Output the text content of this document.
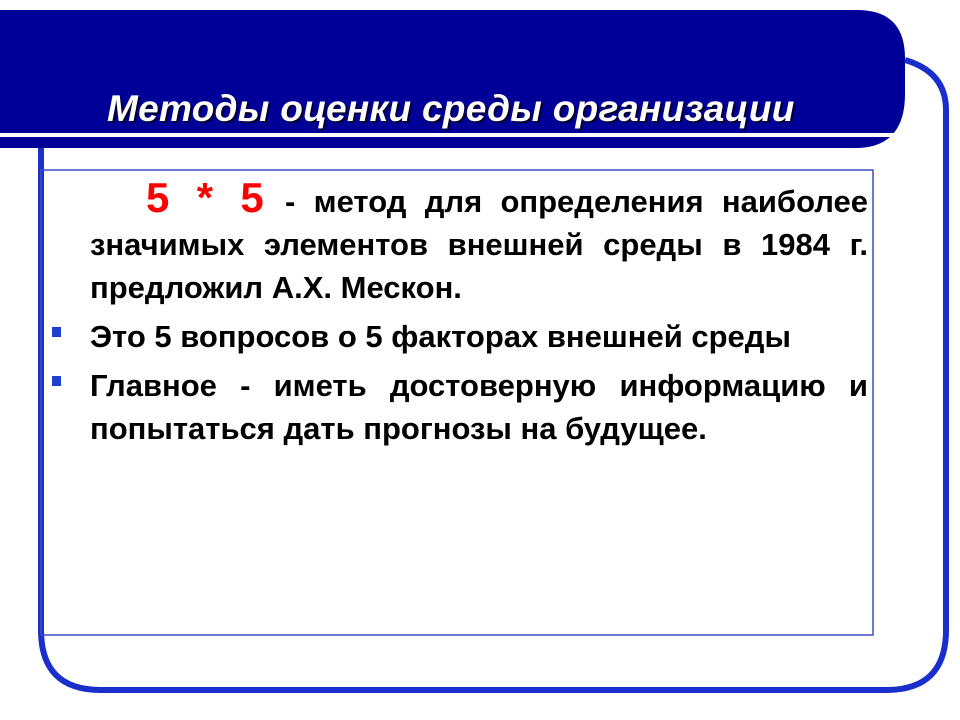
Методы оценки среды организации
5 * 5 - метод для определения наиболее значимых элементов внешней среды в 1984 г. предложил А.Х. Мескон.
Это 5 вопросов о 5 факторах внешней среды
Главное - иметь достоверную информацию и попытаться дать прогнозы на будущее.
